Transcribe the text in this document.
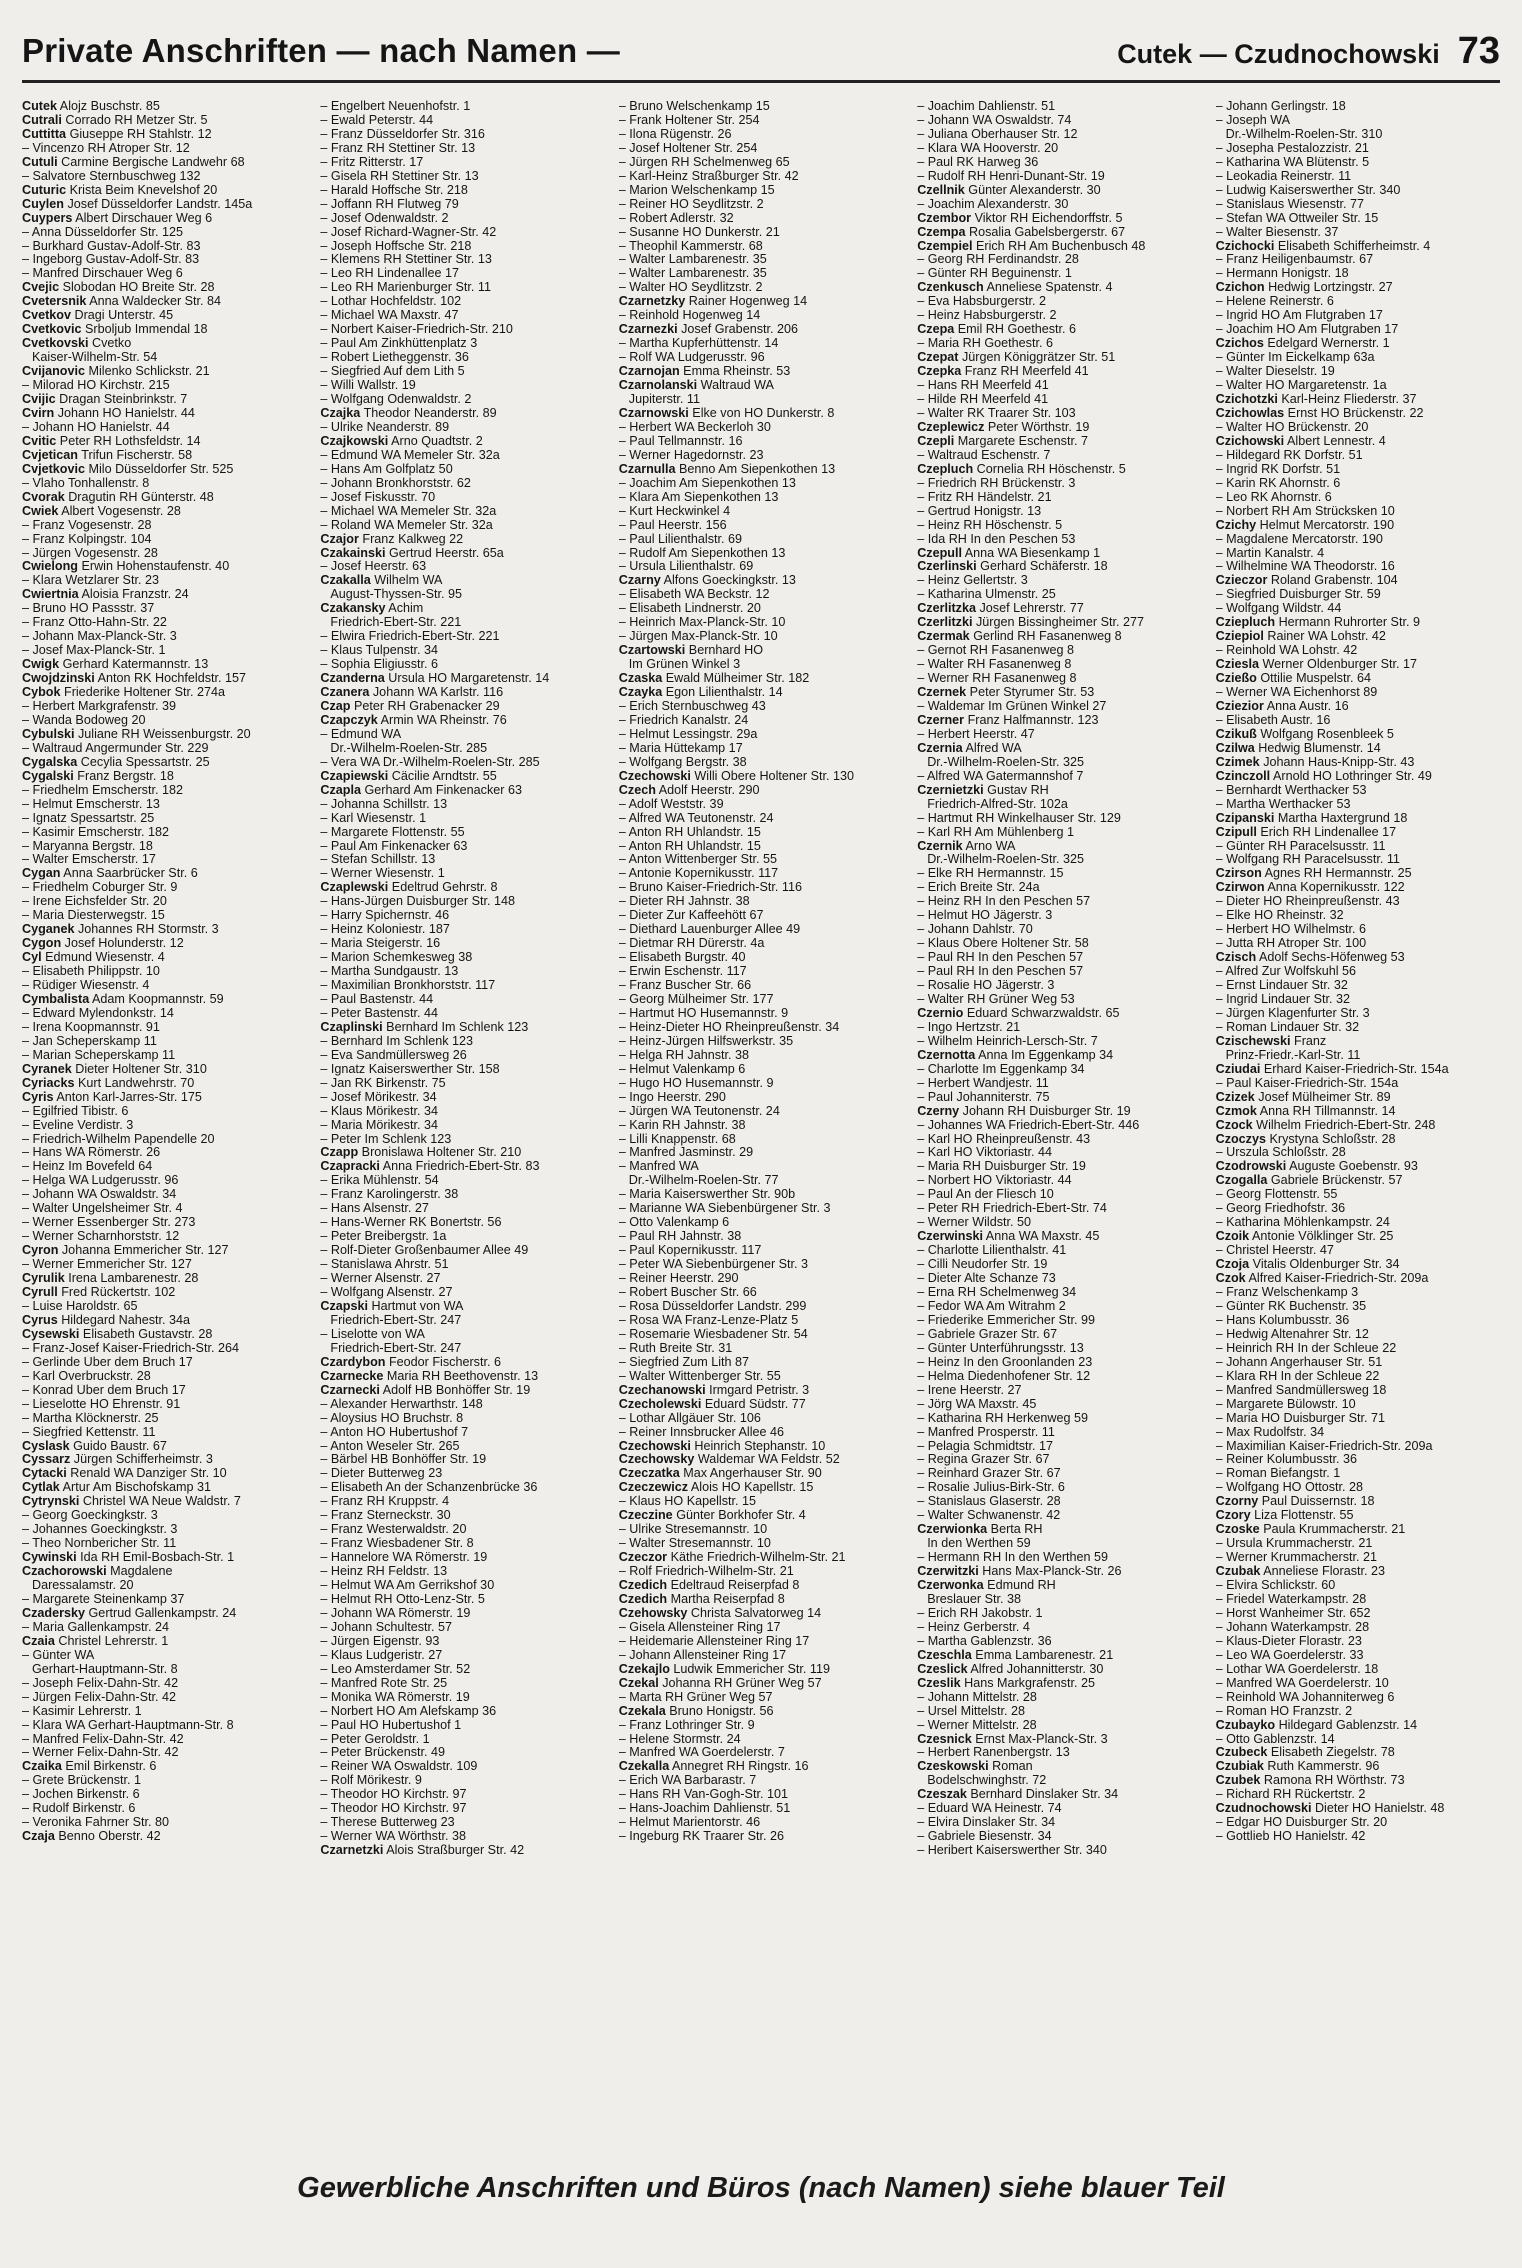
Private Anschriften — nach Namen —	Cutek — Czudnochowski 73
Cutek Alojz Buschstr. 85
Cutrali Corrado RH Metzer Str. 5
Cuttitta Giuseppe RH Stahlstr. 12
– Vincenzo RH Atroper Str. 12
Cutuli Carmine Bergische Landwehr 68
– Salvatore Sternbuschweg 132
Cuturic Krista Beim Knevelshof 20
Cuylen Josef Düsseldorfer Landstr. 145a
Cuypers Albert Dirschauer Weg 6
– Anna Düsseldorfer Str. 125
– Burkhard Gustav-Adolf-Str. 83
– Ingeborg Gustav-Adolf-Str. 83
– Manfred Dirschauer Weg 6
Cvejic Slobodan HO Breite Str. 28
Cvetersnik Anna Waldecker Str. 84
Cvetkov Dragi Unterstr. 45
Cvetkovic Srboljub Immendal 18
Cvetkovski Cvetko
Kaiser-Wilhelm-Str. 54
Cvijanovic Milenko Schlickstr. 21
– Milorad HO Kirchstr. 215
Cvijic Dragan Steinbrinkstr. 7
Cvirn Johann HO Hanielstr. 44
– Johann HO Hanielstr. 44
Cvitic Peter RH Lothsfeldstr. 14
Cvjetican Trifun Fischerstr. 58
Cvjetkovic Milo Düsseldorfer Str. 525
– Vlaho Tonhallenstr. 8
Cvorak Dragutin RH Günterstr. 48
Cwiek Albert Vogesenstr. 28
– Franz Vogesenstr. 28
– Franz Kolpingstr. 104
– Jürgen Vogesenstr. 28
Cwielong Erwin Hohenstaufenstr. 40
– Klara Wetzlarer Str. 23
Cwiertnia Aloisia Franzstr. 24
– Bruno HO Passstr. 37
– Franz Otto-Hahn-Str. 22
– Johann Max-Planck-Str. 3
– Josef Max-Planck-Str. 1
Cwigk Gerhard Katermannstr. 13
Cwojdzinski Anton RK Hochfeldstr. 157
Cybok Friederike Holtener Str. 274a
– Herbert Markgrafenstr. 39
– Wanda Bodoweg 20
Cybulski Juliane RH Weissenburgstr. 20
– Waltraud Angermunder Str. 229
Cygalska Cecylia Spessartstr. 25
Cygalski Franz Bergstr. 18
– Friedhelm Emscherstr. 182
– Helmut Emscherstr. 13
– Ignatz Spessartstr. 25
– Kasimir Emscherstr. 182
– Maryanna Bergstr. 18
– Walter Emscherstr. 17
Cygan Anna Saarbrücker Str. 6
– Friedhelm Coburger Str. 9
– Irene Eichsfelder Str. 20
– Maria Diesterwegstr. 15
Cyganek Johannes RH Stormstr. 3
Cygon Josef Holunderstr. 12
Cyl Edmund Wiesenstr. 4
– Elisabeth Philippstr. 10
– Rüdiger Wiesenstr. 4
Cymbalista Adam Koopmannstr. 59
– Edward Mylendonkstr. 14
– Irena Koopmannstr. 91
– Jan Scheperskamp 11
– Marian Scheperskamp 11
Cyranek Dieter Holtener Str. 310
Cyriacks Kurt Landwehrstr. 70
Cyris Anton Karl-Jarres-Str. 175
– Egilfried Tibistr. 6
– Eveline Verdistr. 3
– Friedrich-Wilhelm Papendelle 20
– Hans WA Römerstr. 26
– Heinz Im Bovefeld 64
– Helga WA Ludgerusstr. 96
– Johann WA Oswaldstr. 34
– Walter Ungelsheimer Str. 4
– Werner Essenberger Str. 273
– Werner Scharnhorststr. 12
Cyron Johanna Emmericher Str. 127
– Werner Emmericher Str. 127
Cyrulik Irena Lambarenestr. 28
Cyrull Fred Rückertstr. 102
– Luise Haroldstr. 65
Cyrus Hildegard Nahestr. 34a
Cysewski Elisabeth Gustavstr. 28
– Franz-Josef Kaiser-Friedrich-Str. 264
– Gerlinde Über dem Bruch 17
– Karl Overbruckstr. 28
– Konrad Über dem Bruch 17
– Lieselotte HO Ehrenstr. 91
– Martha Klöcknerstr. 25
– Siegfried Kettenstr. 11
Cyslask Guido Baustr. 67
Cyssarz Jürgen Schifferheimstr. 3
Cytacki Renald WA Danziger Str. 10
Cytlak Artur Am Bischofskamp 31
Cytrynski Christel WA Neue Waldstr. 7
– Georg Goeckingkstr. 3
– Johannes Goeckingkstr. 3
– Theo Nornbericher Str. 11
Cywinski Ida RH Emil-Bosbach-Str. 1
Czachorowski Magdalene
Daressalamstr. 20
– Margarete Steinenkamp 37
Czadersky Gertrud Gallenkampstr. 24
– Maria Gallenkampstr. 24
Czaia Christel Lehrerstr. 1
– Günter WA
Gerhart-Hauptmann-Str. 8
– Joseph Felix-Dahn-Str. 42
– Jürgen Felix-Dahn-Str. 42
– Kasimir Lehrerstr. 1
– Klara WA Gerhart-Hauptmann-Str. 8
– Manfred Felix-Dahn-Str. 42
– Werner Felix-Dahn-Str. 42
Czaika Emil Birkenstr. 6
– Grete Brückenstr. 1
– Jochen Birkenstr. 6
– Rudolf Birkenstr. 6
– Veronika Fahrner Str. 80
Czaja Benno Oberstr. 42
– Engelbert Neuenhofstr. 1
– Ewald Peterstr. 44
– Franz Düsseldorfer Str. 316
– Franz RH Stettiner Str. 13
– Fritz Ritterstr. 17
– Gisela RH Stettiner Str. 13
– Harald Hoffsche Str. 218
– Joffann RH Flutweg 79
– Josef Odenwaldstr. 2
– Josef Richard-Wagner-Str. 42
– Joseph Hoffsche Str. 218
– Klemens RH Stettiner Str. 13
– Leo RH Lindenallee 17
– Leo RH Marienburger Str. 11
– Lothar Hochfeldstr. 102
– Michael WA Maxstr. 47
– Norbert Kaiser-Friedrich-Str. 210
– Paul Am Zinkhüttenplatz 3
– Robert Lietheggenstr. 36
– Siegfried Auf dem Lith 5
– Willi Wallstr. 19
– Wolfgang Odenwaldstr. 2
Czajka Theodor Neanderstr. 89
– Ulrike Neanderstr. 89
Czajkowski Arno Quadtstr. 2
– Edmund WA Memeler Str. 32a
– Hans Am Golfplatz 50
– Johann Bronkhorststr. 62
– Josef Fiskusstr. 70
– Michael WA Memeler Str. 32a
– Roland WA Memeler Str. 32a
Czajor Franz Kalkweg 22
Czakainski Gertrud Heerstr. 65a
– Josef Heerstr. 63
Czakalla Wilhelm WA
August-Thyssen-Str. 95
Czakansky Achim
Friedrich-Ebert-Str. 221
– Elwira Friedrich-Ebert-Str. 221
– Klaus Tulpenstr. 34
– Sophia Eligiusstr. 6
Czanderna Ursula HO Margaretenstr. 14
Czanera Johann WA Karlstr. 116
Czap Peter RH Grabenacker 29
Czapczyk Armin WA Rheinstr. 76
– Edmund WA
Dr.-Wilhelm-Roelen-Str. 285
– Vera WA Dr.-Wilhelm-Roelen-Str. 285
Czapiewski Cäcilie Arndtstr. 55
Czapla Gerhard Am Finkenacker 63
– Johanna Schillstr. 13
– Karl Wiesenstr. 1
– Margarete Flottenstr. 55
– Paul Am Finkenacker 63
– Stefan Schillstr. 13
– Werner Wiesenstr. 1
Czaplewski Edeltrud Gehrstr. 8
– Hans-Jürgen Duisburger Str. 148
– Harry Spichernstr. 46
– Heinz Koloniestr. 187
– Maria Steigerstr. 16
– Marion Schemkesweg 38
– Martha Sundgaustr. 13
– Maximilian Bronkhorststr. 117
– Paul Bastenstr. 44
– Peter Bastenstr. 44
Czaplinski Bernhard Im Schlenk 123
– Bernhard Im Schlenk 123
– Eva Sandmüllersweg 26
– Ignatz Kaiserswerther Str. 158
– Jan RK Birkenstr. 75
– Josef Mörikestr. 34
– Klaus Mörikestr. 34
– Maria Mörikestr. 34
– Peter Im Schlenk 123
Czapp Bronislawa Holtener Str. 210
Czapracki Anna Friedrich-Ebert-Str. 83
– Erika Mühlenstr. 54
– Franz Karolingerstr. 38
– Hans Alsenstr. 27
– Hans-Werner RK Bonertstr. 56
– Peter Breibergstr. 1a
– Rolf-Dieter Großenbaumer Allee 49
– Stanislawa Ahrstr. 51
– Werner Alsenstr. 27
– Wolfgang Alsenstr. 27
Czapski Hartmut von WA
Friedrich-Ebert-Str. 247
– Liselotte von WA
Friedrich-Ebert-Str. 247
Czardybon Feodor Fischerstr. 6
Czarnecke Maria RH Beethovenstr. 13
Czarnecki Adolf HB Bonhöffer Str. 19
– Alexander Herwarthstr. 148
– Aloysius HO Bruchstr. 8
– Anton HO Hubertushof 7
– Anton Weseler Str. 265
– Bärbel HB Bonhöffer Str. 19
– Dieter Butterweg 23
– Elisabeth An der Schanzenbrücke 36
– Franz RH Kruppstr. 4
– Franz Sterneckstr. 30
– Franz Westerwaldstr. 20
– Franz Wiesbadener Str. 8
– Hannelore WA Römerstr. 19
– Heinz RH Feldstr. 13
– Helmut WA Am Gerrikshof 30
– Helmut RH Otto-Lenz-Str. 5
– Johann WA Römerstr. 19
– Johann Schultestr. 57
– Jürgen Eigenstr. 93
– Klaus Ludgeristr. 27
– Leo Amsterdamer Str. 52
– Manfred Rote Str. 25
– Monika WA Römerstr. 19
– Norbert HO Am Alefskamp 36
– Paul HO Hubertushof 1
– Peter Geroldstr. 1
– Peter Brückenstr. 49
– Reiner WA Oswaldstr. 109
– Rolf Mörikestr. 9
– Theodor HO Kirchstr. 97
– Theodor HO Kirchstr. 97
– Therese Butterweg 23
– Werner WA Wörthstr. 38
Czarnetzki Alois Straßburger Str. 42
– Bruno Welschenkamp 15
– Frank Holtener Str. 254
– Ilona Rügenstr. 26
– Josef Holtener Str. 254
– Jürgen RH Schelmenweg 65
– Karl-Heinz Straßburger Str. 42
– Marion Welschenkamp 15
– Reiner HO Seydlitzstr. 2
– Robert Adlerstr. 32
– Susanne HO Dunkerstr. 21
– Theophil Kammerstr. 68
– Walter Lambarenestr. 35
– Walter Lambarenestr. 35
– Walter HO Seydlitzstr. 2
Czarnetzky Rainer Hogenweg 14
– Reinhold Hogenweg 14
Czarnezki Josef Grabenstr. 206
– Martha Kupferhüttenstr. 14
– Rolf WA Ludgerusstr. 96
Czarnojan Emma Rheinstr. 53
Czarnolanski Waltraud WA
Jupiterstr. 11
Czarnowski Elke von HO Dunkerstr. 8
– Herbert WA Beckerloh 30
– Paul Tellmannstr. 16
– Werner Hagedornstr. 23
Czarnulla Benno Am Siepenkothen 13
– Joachim Am Siepenkothen 13
– Klara Am Siepenkothen 13
– Kurt Heckwinkel 4
– Paul Heerstr. 156
– Paul Lilienthalstr. 69
– Rudolf Am Siepenkothen 13
– Ursula Lilienthalstr. 69
Czarny Alfons Goeckingkstr. 13
– Elisabeth WA Beckstr. 12
– Elisabeth Lindnerstr. 20
– Heinrich Max-Planck-Str. 10
– Jürgen Max-Planck-Str. 10
Czartowski Bernhard HO
Im Grünen Winkel 3
Czaska Ewald Mülheimer Str. 182
Czayka Egon Lilienthalstr. 14
– Erich Sternbuschweg 43
– Friedrich Kanalstr. 24
– Helmut Lessingstr. 29a
– Maria Hüttekamp 17
– Wolfgang Bergstr. 38
Czechowski Willi Obere Holtener Str. 130
Czech Adolf Heerstr. 290
– Adolf Weststr. 39
– Alfred WA Teutonenstr. 24
– Anton RH Uhlandstr. 15
– Anton RH Uhlandstr. 15
– Anton Wittenberger Str. 55
– Antonie Kopernikusstr. 117
– Bruno Kaiser-Friedrich-Str. 116
– Dieter RH Jahnstr. 38
– Dieter Zur Kaffeehött 67
– Diethard Lauenburger Allee 49
– Dietmar RH Dürerstr. 4a
– Elisabeth Burgstr. 40
– Erwin Eschenstr. 117
– Franz Buscher Str. 66
– Georg Mülheimer Str. 177
– Hartmut HO Husemannstr. 9
– Heinz-Dieter HO Rheinpreußenstr. 34
– Heinz-Jürgen Hilfswerkstr. 35
– Helga RH Jahnstr. 38
– Helmut Valenkamp 6
– Hugo HO Husemannstr. 9
– Ingo Heerstr. 290
– Jürgen WA Teutonenstr. 24
– Karin RH Jahnstr. 38
– Lilli Knappenstr. 68
– Manfred Jasminstr. 29
– Manfred WA
Dr.-Wilhelm-Roelen-Str. 77
– Maria Kaiserswerther Str. 90b
– Marianne WA Siebenbürgener Str. 3
– Otto Valenkamp 6
– Paul RH Jahnstr. 38
– Paul Kopernikusstr. 117
– Peter WA Siebenbürgener Str. 3
– Reiner Heerstr. 290
– Robert Buscher Str. 66
– Rosa Düsseldorfer Landstr. 299
– Rosa WA Franz-Lenze-Platz 5
– Rosemarie Wiesbadener Str. 54
– Ruth Breite Str. 31
– Siegfried Zum Lith 87
– Walter Wittenberger Str. 55
Czechanowski Irmgard Petristr. 3
Czecholewski Eduard Südstr. 77
– Lothar Allgäuer Str. 106
– Reiner Innsbrucker Allee 46
Czechowski Heinrich Stephanstr. 10
Czechowsky Waldemar WA Feldstr. 52
Czeczatka Max Angerhauser Str. 90
Czeczewicz Alois HO Kapellstr. 15
– Klaus HO Kapellstr. 15
Czeczine Günter Borkhofer Str. 4
– Ulrike Stresemannstr. 10
– Walter Stresemannstr. 10
Czeczor Käthe Friedrich-Wilhelm-Str. 21
– Rolf Friedrich-Wilhelm-Str. 21
Czedich Edeltraud Reiserpfad 8
Czedich Martha Reiserpfad 8
Czehowsky Christa Salvatorweg 14
– Gisela Allensteiner Ring 17
– Heidemarie Allensteiner Ring 17
– Johann Allensteiner Ring 17
Czekajlo Ludwik Emmericher Str. 119
Czekal Johanna RH Grüner Weg 57
– Marta RH Grüner Weg 57
Czekala Bruno Honigstr. 56
– Franz Lothringer Str. 9
– Helene Stormstr. 24
– Manfred WA Goerdelerstr. 7
Czekalla Annegret RH Ringstr. 16
– Erich WA Barbarastr. 7
– Hans RH Van-Gogh-Str. 101
– Hans-Joachim Dahlienstr. 51
– Helmut Marientorstr. 46
– Ingeburg RK Traarer Str. 26
– Joachim Dahlienstr. 51
– Johann WA Oswaldstr. 74
– Juliana Oberhauser Str. 12
– Klara WA Hooverstr. 20
– Paul RK Harweg 36
– Rudolf RH Henri-Dunant-Str. 19
Czellnik Günter Alexanderstr. 30
– Joachim Alexanderstr. 30
Czembor Viktor RH Eichendorffstr. 5
Czempa Rosalia Gabelsbergerstr. 67
Czempiel Erich RH Am Buchenbusch 48
– Georg RH Ferdinandstr. 28
– Günter RH Beguinenstr. 1
Czenkusch Anneliese Spatenstr. 4
– Eva Habsburgerstr. 2
– Heinz Habsburgerstr. 2
Czepa Emil RH Goethestr. 6
– Maria RH Goethestr. 6
Czepat Jürgen Königgrätzer Str. 51
Czepka Franz RH Meerfeld 41
– Hans RH Meerfeld 41
– Hilde RH Meerfeld 41
– Walter RK Traarer Str. 103
Czeplewicz Peter Wörthstr. 19
Czepli Margarete Eschenstr. 7
– Waltraud Eschenstr. 7
Czepluch Cornelia RH Höschenstr. 5
– Friedrich RH Brückenstr. 3
– Fritz RH Händelstr. 21
– Gertrud Honigstr. 13
– Heinz RH Höschenstr. 5
– Ida RH In den Peschen 53
Czepull Anna WA Biesenkamp 1
Czerlinski Gerhard Schäferstr. 18
– Heinz Gellertstr. 3
– Katharina Ulmenstr. 25
Czerlitzka Josef Lehrerstr. 77
Czerlitzki Jürgen Bissingheimer Str. 277
Czermak Gerlind RH Fasanenweg 8
– Gernot RH Fasanenweg 8
– Walter RH Fasanenweg 8
– Werner RH Fasanenweg 8
Czernek Peter Styrumer Str. 53
– Waldemar Im Grünen Winkel 27
Czerner Franz Halfmannstr. 123
– Herbert Heerstr. 47
Czernia Alfred WA
Dr.-Wilhelm-Roelen-Str. 325
– Alfred WA Gatermannshof 7
Czernietzki Gustav RH
Friedrich-Alfred-Str. 102a
– Hartmut RH Winkelhauser Str. 129
– Karl RH Am Mühlenberg 1
Czernik Arno WA
Dr.-Wilhelm-Roelen-Str. 325
– Elke RH Hermannstr. 15
– Erich Breite Str. 24a
– Heinz RH In den Peschen 57
– Helmut HO Jägerstr. 3
– Johann Dahlstr. 70
– Klaus Obere Holtener Str. 58
– Paul RH In den Peschen 57
– Paul RH In den Peschen 57
– Rosalie HO Jägerstr. 3
– Walter RH Grüner Weg 53
Czernio Eduard Schwarzwaldstr. 65
– Ingo Hertzstr. 21
– Wilhelm Heinrich-Lersch-Str. 7
Czernotta Anna Im Eggenkamp 34
– Charlotte Im Eggenkamp 34
– Herbert Wandjestr. 11
– Paul Johanniterstr. 75
Czerny Johann RH Duisburger Str. 19
– Johannes WA Friedrich-Ebert-Str. 446
– Karl HO Rheinpreußenstr. 43
– Karl HO Viktoriastr. 44
– Maria RH Duisburger Str. 19
– Norbert HO Viktoriastr. 44
– Paul An der Fliesch 10
– Peter RH Friedrich-Ebert-Str. 74
– Werner Wildstr. 50
Czerwinski Anna WA Maxstr. 45
– Charlotte Lilienthalstr. 41
– Cilli Neudorfer Str. 19
– Dieter Alte Schanze 73
– Erna RH Schelmenweg 34
– Fedor WA Am Witrahm 2
– Friederike Emmericher Str. 99
– Gabriele Grazer Str. 67
– Günter Unterführungsstr. 13
– Heinz In den Groonlanden 23
– Helma Diedenhofener Str. 12
– Irene Heerstr. 27
– Jörg WA Maxstr. 45
– Katharina RH Herkenweg 59
– Manfred Prosperstr. 11
– Pelagia Schmidtstr. 17
– Regina Grazer Str. 67
– Reinhard Grazer Str. 67
– Rosalie Julius-Birk-Str. 6
– Stanislaus Glaserstr. 28
– Walter Schwanenstr. 42
Czerwionka Berta RH
In den Werthen 59
– Hermann RH In den Werthen 59
Czerwitzki Hans Max-Planck-Str. 26
Czerwonka Edmund RH
Breslauer Str. 38
– Erich RH Jakobstr. 1
– Heinz Gerberstr. 4
– Martha Gablenzstr. 36
Czeschla Emma Lambarenestr. 21
Czeslick Alfred Johannitterstr. 30
Czeslik Hans Markgrafenstr. 25
– Johann Mittelstr. 28
– Ursel Mittelstr. 28
– Werner Mittelstr. 28
Czesnick Ernst Max-Planck-Str. 3
– Herbert Ranenbergstr. 13
Czeskowski Roman
Bodelschwinghstr. 72
Czeszak Bernhard Dinslaker Str. 34
– Eduard WA Heinestr. 74
– Elvira Dinslaker Str. 34
– Gabriele Biesenstr. 34
– Heribert Kaiserswerther Str. 340
– Johann Gerlingstr. 18
– Joseph WA
Dr.-Wilhelm-Roelen-Str. 310
– Josepha Pestalozzistr. 21
– Katharina WA Blütenstr. 5
– Leokadia Reinerstr. 11
– Ludwig Kaiserswerther Str. 340
– Stanislaus Wiesenstr. 77
– Stefan WA Ottweiler Str. 15
– Walter Biesenstr. 37
Czichocki Elisabeth Schifferheimstr. 4
– Franz Heiligenbaumstr. 67
– Hermann Honigstr. 18
Czichon Hedwig Lortzingstr. 27
– Helene Reinerstr. 6
– Ingrid HO Am Flutgraben 17
– Joachim HO Am Flutgraben 17
Czichos Edelgard Wernerstr. 1
– Günter Im Eickelkamp 63a
– Walter Dieselstr. 19
– Walter HO Margaretenstr. 1a
Czichotzki Karl-Heinz Fliederstr. 37
Czichowlas Ernst HO Brückenstr. 22
– Walter HO Brückenstr. 20
Czichowski Albert Lennestr. 4
– Hildegard RK Dorfstr. 51
– Ingrid RK Dorfstr. 51
– Karin RK Ahornstr. 6
– Leo RK Ahornstr. 6
– Norbert RH Am Strücksken 10
Czichy Helmut Mercatorstr. 190
– Magdalene Mercatorstr. 190
– Martin Kanalstr. 4
– Wilhelmine WA Theodorstr. 16
Czieczor Roland Grabenstr. 104
– Siegfried Duisburger Str. 59
– Wolfgang Wildstr. 44
Cziepluch Hermann Ruhrorter Str. 9
Cziepiol Rainer WA Lohstr. 42
– Reinhold WA Lohstr. 42
Cziesla Werner Oldenburger Str. 17
Czießo Ottilie Muspelstr. 64
– Werner WA Eichenhorst 89
Cziezior Anna Austr. 16
– Elisabeth Austr. 16
Czikuß Wolfgang Rosenbleek 5
Czilwa Hedwig Blumenstr. 14
Czimek Johann Haus-Knipp-Str. 43
Czinczoll Arnold HO Lothringer Str. 49
– Bernhardt Werthacker 53
– Martha Werthacker 53
Czipanski Martha Haxtergrund 18
Czipull Erich RH Lindenallee 17
– Günter RH Paracelsusstr. 11
– Wolfgang RH Paracelsusstr. 11
Czirson Agnes RH Hermannstr. 25
Czirwon Anna Kopernikusstr. 122
– Dieter HO Rheinpreußenstr. 43
– Elke HO Rheinstr. 32
– Herbert HO Wilhelmstr. 6
– Jutta RH Atroper Str. 100
Czisch Adolf Sechs-Höfenweg 53
– Alfred Zur Wolfskuhl 56
– Ernst Lindauer Str. 32
– Ingrid Lindauer Str. 32
– Jürgen Klagenfurter Str. 3
– Roman Lindauer Str. 32
Czischewski Franz
Prinz-Friedr.-Karl-Str. 11
Cziudai Erhard Kaiser-Friedrich-Str. 154a
– Paul Kaiser-Friedrich-Str. 154a
Czizek Josef Mülheimer Str. 89
Czmok Anna RH Tillmannstr. 14
Czock Wilhelm Friedrich-Ebert-Str. 248
Czoczys Krystyna Schloßstr. 28
– Urszula Schloßstr. 28
Czodrowski Auguste Goebenstr. 93
Czogalla Gabriele Brückenstr. 57
– Georg Flottenstr. 55
– Georg Friedhofstr. 36
– Katharina Möhlenkampstr. 24
Czoik Antonie Völklinger Str. 25
– Christel Heerstr. 47
Czoja Vitalis Oldenburger Str. 34
Czok Alfred Kaiser-Friedrich-Str. 209a
– Franz Welschenkamp 3
– Günter RK Buchenstr. 35
– Hans Kolumbusstr. 36
– Hedwig Altenahrer Str. 12
– Heinrich RH In der Schleue 22
– Johann Angerhauser Str. 51
– Klara RH In der Schleue 22
– Manfred Sandmüllersweg 18
– Margarete Bülowstr. 10
– Maria HO Duisburger Str. 71
– Max Rudolfstr. 34
– Maximilian Kaiser-Friedrich-Str. 209a
– Reiner Kolumbusstr. 36
– Roman Biefangstr. 1
– Wolfgang HO Ottostr. 28
Czorny Paul Duissernstr. 18
Czory Liza Flottenstr. 55
Czoske Paula Krummacherstr. 21
– Ursula Krummacherstr. 21
– Werner Krummacherstr. 21
Czubak Anneliese Florastr. 23
– Elvira Schlickstr. 60
– Friedel Waterkampstr. 28
– Horst Wanheimer Str. 652
– Johann Waterkampstr. 28
– Klaus-Dieter Florastr. 23
– Leo WA Goerdelerstr. 33
– Lothar WA Goerdelerstr. 18
– Manfred WA Goerdelerstr. 10
– Reinhold WA Johanniterweg 6
– Roman HO Franzstr. 2
Czubayko Hildegard Gablenzstr. 14
– Otto Gablenzstr. 14
Czubeck Elisabeth Ziegelstr. 78
Czubiak Ruth Kammerstr. 96
Czubek Ramona RH Wörthstr. 73
– Richard RH Rückertstr. 2
Czudnochowski Dieter HO Hanielstr. 48
– Edgar HO Duisburger Str. 20
– Gottlieb HO Hanielstr. 42
Gewerbliche Anschriften und Büros (nach Namen) siehe blauer Teil
